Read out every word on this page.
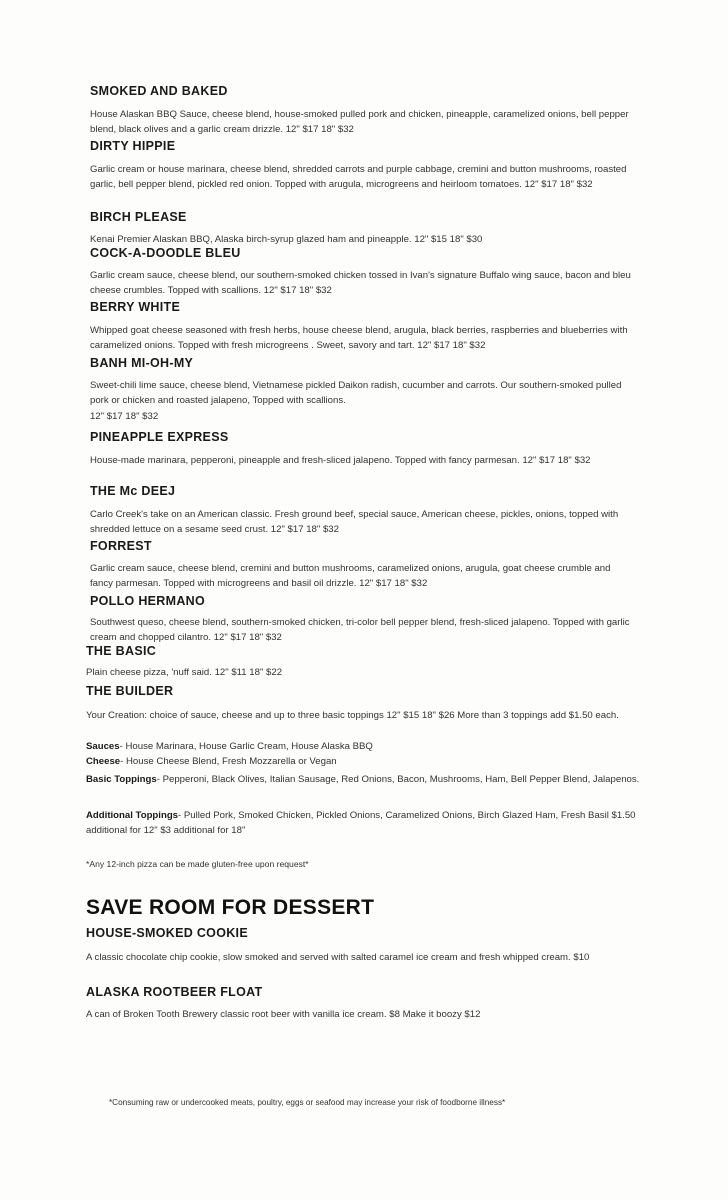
SMOKED AND BAKED
House Alaskan BBQ Sauce, cheese blend, house-smoked pulled pork and chicken, pineapple, caramelized onions, bell pepper blend, black olives and a garlic cream drizzle. 12" $17 18" $32
DIRTY HIPPIE
Garlic cream or house marinara, cheese blend, shredded carrots and purple cabbage, cremini and button mushrooms, roasted garlic, bell pepper blend, pickled red onion. Topped with arugula, microgreens and heirloom tomatoes. 12" $17 18" $32
BIRCH PLEASE
Kenai Premier Alaskan BBQ, Alaska birch-syrup glazed ham and pineapple. 12" $15 18" $30
COCK-A-DOODLE BLEU
Garlic cream sauce, cheese blend, our southern-smoked chicken tossed in Ivan's signature Buffalo wing sauce, bacon and bleu cheese crumbles. Topped with scallions. 12" $17 18" $32
BERRY WHITE
Whipped goat cheese seasoned with fresh herbs, house cheese blend, arugula, black berries, raspberries and blueberries with caramelized onions. Topped with fresh microgreens . Sweet, savory and tart. 12" $17 18" $32
BANH MI-OH-MY
Sweet-chili lime sauce, cheese blend, Vietnamese pickled Daikon radish, cucumber and carrots. Our southern-smoked pulled pork or chicken and roasted jalapeno, Topped with scallions.
12" $17 18" $32
PINEAPPLE EXPRESS
House-made marinara, pepperoni, pineapple and fresh-sliced jalapeno. Topped with fancy parmesan. 12" $17 18" $32
THE Mc DEEJ
Carlo Creek's take on an American classic. Fresh ground beef, special sauce, American cheese, pickles, onions, topped with shredded lettuce on a sesame seed crust. 12" $17 18" $32
FORREST
Garlic cream sauce, cheese blend, cremini and button mushrooms, caramelized onions, arugula, goat cheese crumble and fancy parmesan. Topped with microgreens and basil oil drizzle. 12" $17 18" $32
POLLO HERMANO
Southwest queso, cheese blend, southern-smoked chicken, tri-color bell pepper blend, fresh-sliced jalapeno. Topped with garlic cream and chopped cilantro. 12" $17 18" $32
THE BASIC
Plain cheese pizza, 'nuff said. 12" $11 18" $22
THE BUILDER
Your Creation: choice of sauce, cheese and up to three basic toppings 12" $15 18" $26 More than 3 toppings add $1.50 each.
Sauces- House Marinara, House Garlic Cream, House Alaska BBQ
Cheese- House Cheese Blend, Fresh Mozzarella or Vegan
Basic Toppings- Pepperoni, Black Olives, Italian Sausage, Red Onions, Bacon, Mushrooms, Ham, Bell Pepper Blend, Jalapenos.
Additional Toppings- Pulled Pork, Smoked Chicken, Pickled Onions, Caramelized Onions, Birch Glazed Ham, Fresh Basil $1.50 additional for 12" $3 additional for 18"
*Any 12-inch pizza can be made gluten-free upon request*
SAVE ROOM FOR DESSERT
HOUSE-SMOKED COOKIE
A classic chocolate chip cookie, slow smoked and served with salted caramel ice cream and fresh whipped cream. $10
ALASKA ROOTBEER FLOAT
A can of Broken Tooth Brewery classic root beer with vanilla ice cream. $8 Make it boozy $12
*Consuming raw or undercooked meats, poultry, eggs or seafood may increase your risk of foodborne illness*
